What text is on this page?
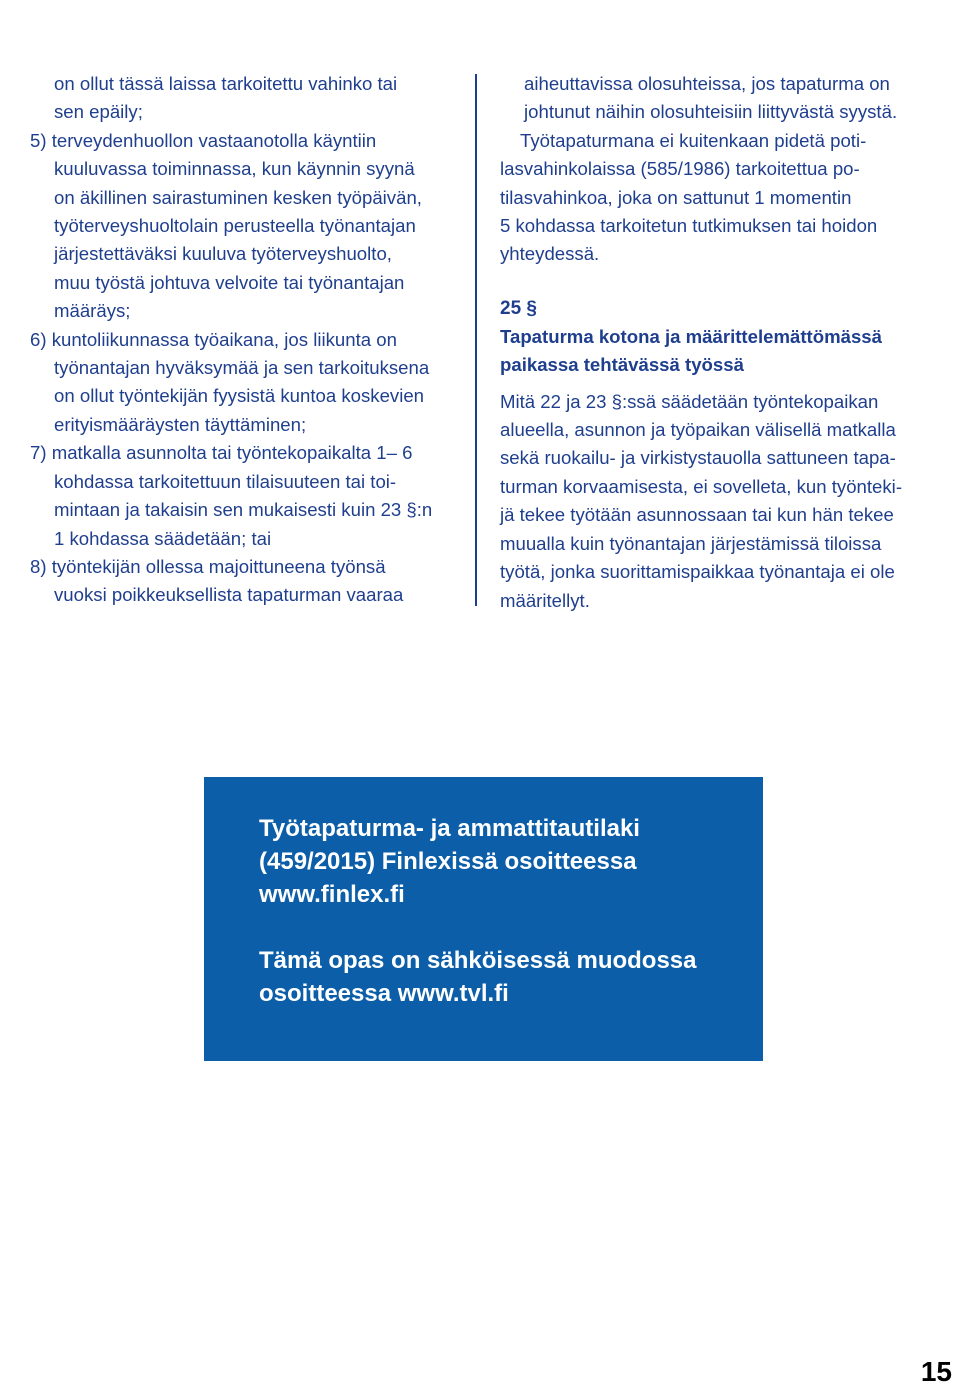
on ollut tässä laissa tarkoitettu vahinko tai
sen epäily;
5) terveydenhuollon vastaanotolla käyntiin
kuuluvassa toiminnassa, kun käynnin syynä
on äkillinen sairastuminen kesken työpäivän,
työterveyshuoltolain perusteella työnantajan
järjestettäväksi kuuluva työterveyshuolto,
muu työstä johtuva velvoite tai työnantajan
määräys;
6) kuntoliikunnassa työaikana, jos liikunta on
työnantajan hyväksymää ja sen tarkoituksena
on ollut työntekijän fyysistä kuntoa koskevien
erityismääräysten täyttäminen;
7) matkalla asunnolta tai työntekopaikalta 1– 6
kohdassa tarkoitettuun tilaisuuteen tai toi-
mintaan ja takaisin sen mukaisesti kuin 23 §:n
1 kohdassa säädetään; tai
8) työntekijän ollessa majoittuneena työnsä
vuoksi poikkeuksellista tapaturman vaaraa
aiheuttavissa olosuhteissa, jos tapaturma on
johtunut näihin olosuhteisiin liittyvästä syystä.
Työtapaturmana ei kuitenkaan pidetä poti-
lasvahinkolaissa (585/1986) tarkoitettua po-
tilasvahinkoa, joka on sattunut 1 momentin
5 kohdassa tarkoitetun tutkimuksen tai hoidon
yhteydessä.
25 §
Tapaturma kotona ja määrittelemättömässä
paikassa tehtävässä työssä
Mitä 22 ja 23 §:ssä säädetään työntekopaikan
alueella, asunnon ja työpaikan välisellä matkalla
sekä ruokailu- ja virkistystauolla sattuneen tapa-
turman korvaamisesta, ei sovelleta, kun työnteki-
jä tekee työtään asunnossaan tai kun hän tekee
muualla kuin työnantajan järjestämissä tiloissa
työtä, jonka suorittamispaikkaa työnantaja ei ole
määritellyt.
Työtapaturma- ja ammattitautilaki
(459/2015) Finlexissä osoitteessa
www.finlex.fi
Tämä opas on sähköisessä muodossa
osoitteessa www.tvl.fi
15
